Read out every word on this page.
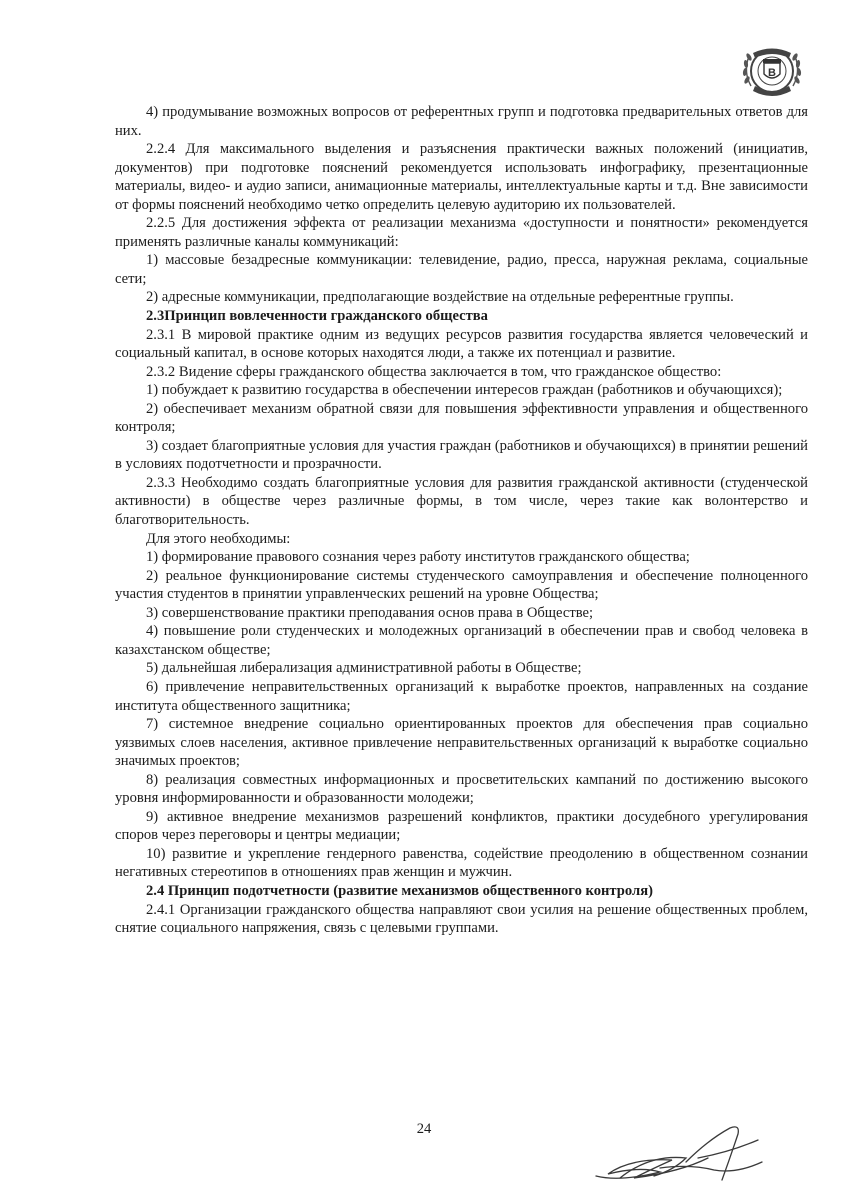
B

4) продумывание возможных вопросов от референтных групп и подготовка предварительных ответов для них.

2.2.4 Для максимального выделения и разъяснения практически важных положений (инициатив, документов) при подготовке пояснений рекомендуется использовать инфографику, презентационные материалы, видео- и аудио записи, анимационные материалы, интеллектуальные карты и т.д. Вне зависимости от формы пояснений необходимо четко определить целевую аудиторию их пользователей.

2.2.5 Для достижения эффекта от реализации механизма «доступности и понятности» рекомендуется применять различные каналы коммуникаций:

1) массовые безадресные коммуникации: телевидение, радио, пресса, наружная реклама, социальные сети;

2) адресные коммуникации, предполагающие воздействие на отдельные референтные группы.

2.3Принцип вовлеченности гражданского общества

2.3.1 В мировой практике одним из ведущих ресурсов развития государства является человеческий и социальный капитал, в основе которых находятся люди, а также их потенциал и развитие.

2.3.2 Видение сферы гражданского общества заключается в том, что гражданское общество:

1) побуждает к развитию государства в обеспечении интересов граждан (работников и обучающихся);

2) обеспечивает механизм обратной связи для повышения эффективности управления и общественного контроля;

3) создает благоприятные условия для участия граждан (работников и обучающихся) в принятии решений в условиях подотчетности и прозрачности.

2.3.3 Необходимо создать благоприятные условия для развития гражданской активности (студенческой активности) в обществе через различные формы, в том числе, через такие как волонтерство и благотворительность.

Для этого необходимы:

1) формирование правового сознания через работу институтов гражданского общества;

2) реальное функционирование системы студенческого самоуправления и обеспечение полноценного участия студентов в принятии управленческих решений на уровне Общества;

3) совершенствование практики преподавания основ права в Обществе;

4) повышение роли студенческих и молодежных организаций в обеспечении прав и свобод человека в казахстанском обществе;

5) дальнейшая либерализация административной работы в Обществе;

6) привлечение неправительственных организаций к выработке проектов, направленных на создание института общественного защитника;

7) системное внедрение социально ориентированных проектов для обеспечения прав социально уязвимых слоев населения, активное привлечение неправительственных организаций к выработке социально значимых проектов;

8) реализация совместных информационных и просветительских кампаний по достижению высокого уровня информированности и образованности молодежи;

9) активное внедрение механизмов разрешений конфликтов, практики досудебного урегулирования споров через переговоры и центры медиации;

10) развитие и укрепление гендерного равенства, содействие преодолению в общественном сознании негативных стереотипов в отношениях прав женщин и мужчин.

2.4 Принцип подотчетности (развитие механизмов общественного контроля)

2.4.1 Организации гражданского общества направляют свои усилия на решение общественных проблем, снятие социального напряжения, связь с целевыми группами.

24
